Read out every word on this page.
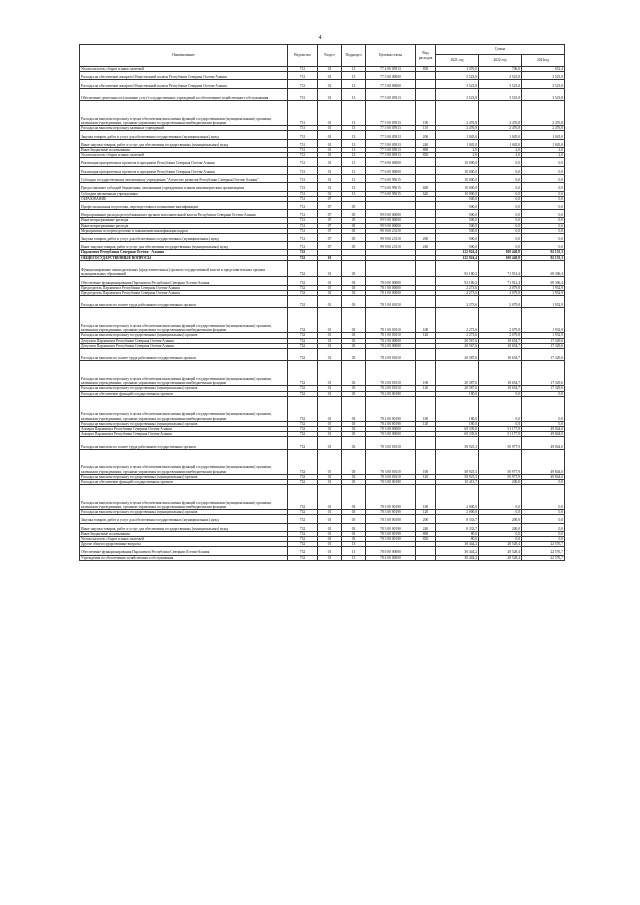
4
Наименование	Ведомство	Раздел	Подраздел	Целевая статья	Вид расходов	Сумма		
						2021 год	2022 год	2023год
Уплата налогов, сборов и иных платежей	731	01	13	77 4 00 05913	850	1 476,0	706,0	652,4
Расходы на обеспечение аппарата Общественной палаты Республики Северная Осетия-Алания	731	01	13	77 5 00 00000		3 523,8	3 523,8	3 523,8
Расходы на обеспечение аппарата Общественной палаты Республики Северная Осетия-Алания	731	01	13	77 5 00 00000		3 523,8	3 523,8	3 523,8
Обеспечение деятельности (оказание услуг) государственных учреждений по обеспечению хозяйственного обслуживания	731	01	13	77 5 00 05913		3 523,8	3 523,8	3 523,8
Расходы на выплаты персоналу в целях обеспечения выполнения функций государственными (муниципальными) органами, казенными учреждениями, органами управления государственными внебюджетными фондами	731	01	13	77 5 00 05913	100	2 476,8	2 476,8	2 476,8
Расходы на выплаты персоналу казенных учреждений	731	01	13	77 5 00 05913	110	2 476,8	2 476,8	2 476,8
Закупка товаров, работ и услуг для обеспечения государственных (муниципальных) нужд	731	01	13	77 5 00 05913	200	1 045,0	1 045,0	1 045,0
Иные закупки товаров, работ и услуг для обеспечения государственных (муниципальных) нужд	731	01	13	77 5 00 05913	240	1 045,0	1 045,0	1 045,0
Иные бюджетные ассигнования	731	01	13	77 5 00 05913	800	2,0	2,0	2,0
Уплата налогов, сборов и иных платежей	731	01	13	77 5 00 05913	850	2,0	2,0	2,0
Реализация приоритетных проектов в программе Республики Северная Осетия-Алания	731	01	13	77 6 00 00000		10 000,0	0,0	0,0
Реализация приоритетных проектов в программе Республики Северная Осетия-Алания	731	01	13	77 6 00 00000		10 000,0	0,0	0,0
Субсидия государственному автономному учреждению "Агентство развития Республики Северная Осетия-Алания"	731	01	13	77 6 00 95015		10 000,0	0,0	0,0
Предоставление субсидий бюджетным, автономным учреждениям и иным некоммерческим организациям	731	01	13	77 6 00 95015	600	10 000,0	0,0	0,0
Субсидии автономным учреждениям	731	01	13	77 6 00 95015	620	10 000,0	0,0	0,0
ОБРАЗОВАНИЕ	731	07				500,0	0,0	0,0
Профессиональная подготовка, переподготовка и повышение квалификации	731	07	05			500,0	0,0	0,0
Непрограммные расходы республиканских органов исполнительной власти Республики Северная Осетия-Алания	731	07	05	99 0 00 00000		500,0	0,0	0,0
Иные непрограммные расходы	731	07	05	99 9 00 00000		500,0	0,0	0,0
Иные непрограммные расходы	731	07	05	99 9 00 00000		500,0	0,0	0,0
Мероприятия по переподготовке и повышению квалификации кадров	731	07	05	99 9 00 23110		500,0	0,0	0,0
Закупка товаров, работ и услуг для обеспечения государственных (муниципальных) нужд	731	07	05	99 9 00 23110	200	500,0	0,0	0,0
Иные закупки товаров, работ и услуг для обеспечения государственных (муниципальных) нужд	731	07	05	99 9 00 23110	240	500,0	0,0	0,0
Парламент Республики Северная Осетия - Алания	732					122 924,4	100 440,8	92 153,3
ОБЩЕГОСУДАРСТВЕННЫЕ ВОПРОСЫ	732	01				122 924,4	100 440,8	92 153,3
Функционирование законодательных (представительных) органов государственной власти и представительных органов муниципальных образований	732	01	03			92 180,2	71 912,4	69 306,4
Обеспечение функционирования Парламента Республики Северная Осетия-Алания	732	01	03	78 0 00 00000		92 180,2	71 912,4	69 306,4
Председатель Парламента Республики Северная Осетия-Алания	732	01	03	78 1 00 00000		2 273,6	2 079,8	1 932,9
Председатель Парламента Республики Северная Осетия-Алания	732	01	03	78 1 00 00000		2 273,6	2 079,8	1 932,9
Расходы на выплаты по оплате труда работников государственных органов	732	01	03	78 1 00 00110		2 273,6	2 079,8	1 932,9
Расходы на выплаты персоналу в целях обеспечения выполнения функций государственными (муниципальными) органами, казенными учреждениями, органами управления государственными внебюджетными фондами	732	01	03	78 1 00 00110	100	2 273,6	2 079,8	1 932,9
Расходы на выплаты персоналу государственных (муниципальных) органов	732	01	03	78 1 00 00110	120	2 273,6	2 079,8	1 932,9
Депутаты Парламента Республики Северная Осетия-Алания	732	01	03	78 2 00 00000		20 567,6	18 654,7	17 329,6
Депутаты Парламента Республики Северная Осетия-Алания	732	01	03	78 2 00 00000		20 567,6	18 654,7	17 329,6
Расходы на выплаты по оплате труда работников государственных органов	732	01	03	78 2 00 00110		20 387,6	18 654,7	17 329,6
Расходы на выплаты персоналу в целях обеспечения выполнения функций государственными (муниципальными) органами, казенными учреждениями, органами управления государственными внебюджетными фондами	732	01	03	78 2 00 00110	100	20 387,6	18 654,7	17 329,6
Расходы на выплаты персоналу государственных (муниципальных) органов	732	01	03	78 2 00 00110	120	20 387,6	18 654,7	17 329,6
Расходы на обеспечение функций государственных органов	732	01	03	78 2 00 00190		180,0	0,0	0,0
Расходы на выплаты персоналу в целях обеспечения выполнения функций государственными (муниципальными) органами, казенными учреждениями, органами управления государственными внебюджетными фондами	732	01	03	78 2 00 00190	100	180,0	0,0	0,0
Расходы на выплаты персоналу государственных (муниципальных) органов	732	01	03	78 2 00 00190	120	180,0	0,0	0,0
Аппарат Парламента Республики Северная Осетия-Алания	732	01	03	78 3 00 00000		69 339,0	51 177,9	49 844,0
Аппарат Парламента Республики Северная Осетия-Алания	732	01	03	78 3 00 00000		69 339,0	51 177,9	49 844,0
Расходы на выплаты по оплате труда работников государственных органов	732	01	03	78 3 00 00110		58 925,3	50 977,9	49 844,0
Расходы на выплаты персоналу в целях обеспечения выполнения функций государственными (муниципальными) органами, казенными учреждениями, органами управления государственными внебюджетными фондами	732	01	03	78 3 00 00110	100	58 925,3	50 977,9	49 844,0
Расходы на выплаты персоналу государственных (муниципальных) органов	732	01	03	78 3 00 00110	120	58 925,3	50 977,9	49 844,0
Расходы на обеспечение функций государственных органов	732	01	03	78 3 00 00190		10 413,7	200,0	0,0
Расходы на выплаты персоналу в целях обеспечения выполнения функций государственными (муниципальными) органами, казенными учреждениями, органами управления государственными внебюджетными фондами	732	01	03	78 3 00 00190	100	2 000,0	0,0	0,0
Расходы на выплаты персоналу государственных (муниципальных) органов	732	01	03	78 3 00 00190	120	2 000,0	0,0	0,0
Закупка товаров, работ и услуг для обеспечения государственных (муниципальных) нужд	732	01	03	78 3 00 00190	200	8 333,7	200,0	0,0
Иные закупки товаров, работ и услуг для обеспечения государственных (муниципальных) нужд	732	01	03	78 3 00 00190	240	8 333,7	200,0	0,0
Иные бюджетные ассигнования	732	01	03	78 3 00 00190	800	80,0	0,0	0,0
Уплата налогов, сборов и иных платежей	732	01	03	78 3 00 00190	850	80,0	0,0	0,0
Другие общегосударственные вопросы	732	01	13			30 444,2	28 528,4	22 576,7
Обеспечение функционирования Парламента Республики Северная Осетия-Алания	732	01	13	78 0 00 00000		30 444,2	28 528,4	22 576,7
Учреждения по обеспечению хозяйственного обслуживания	732	01	13	78 4 00 00000		30 444,2	28 528,4	22 576,7
